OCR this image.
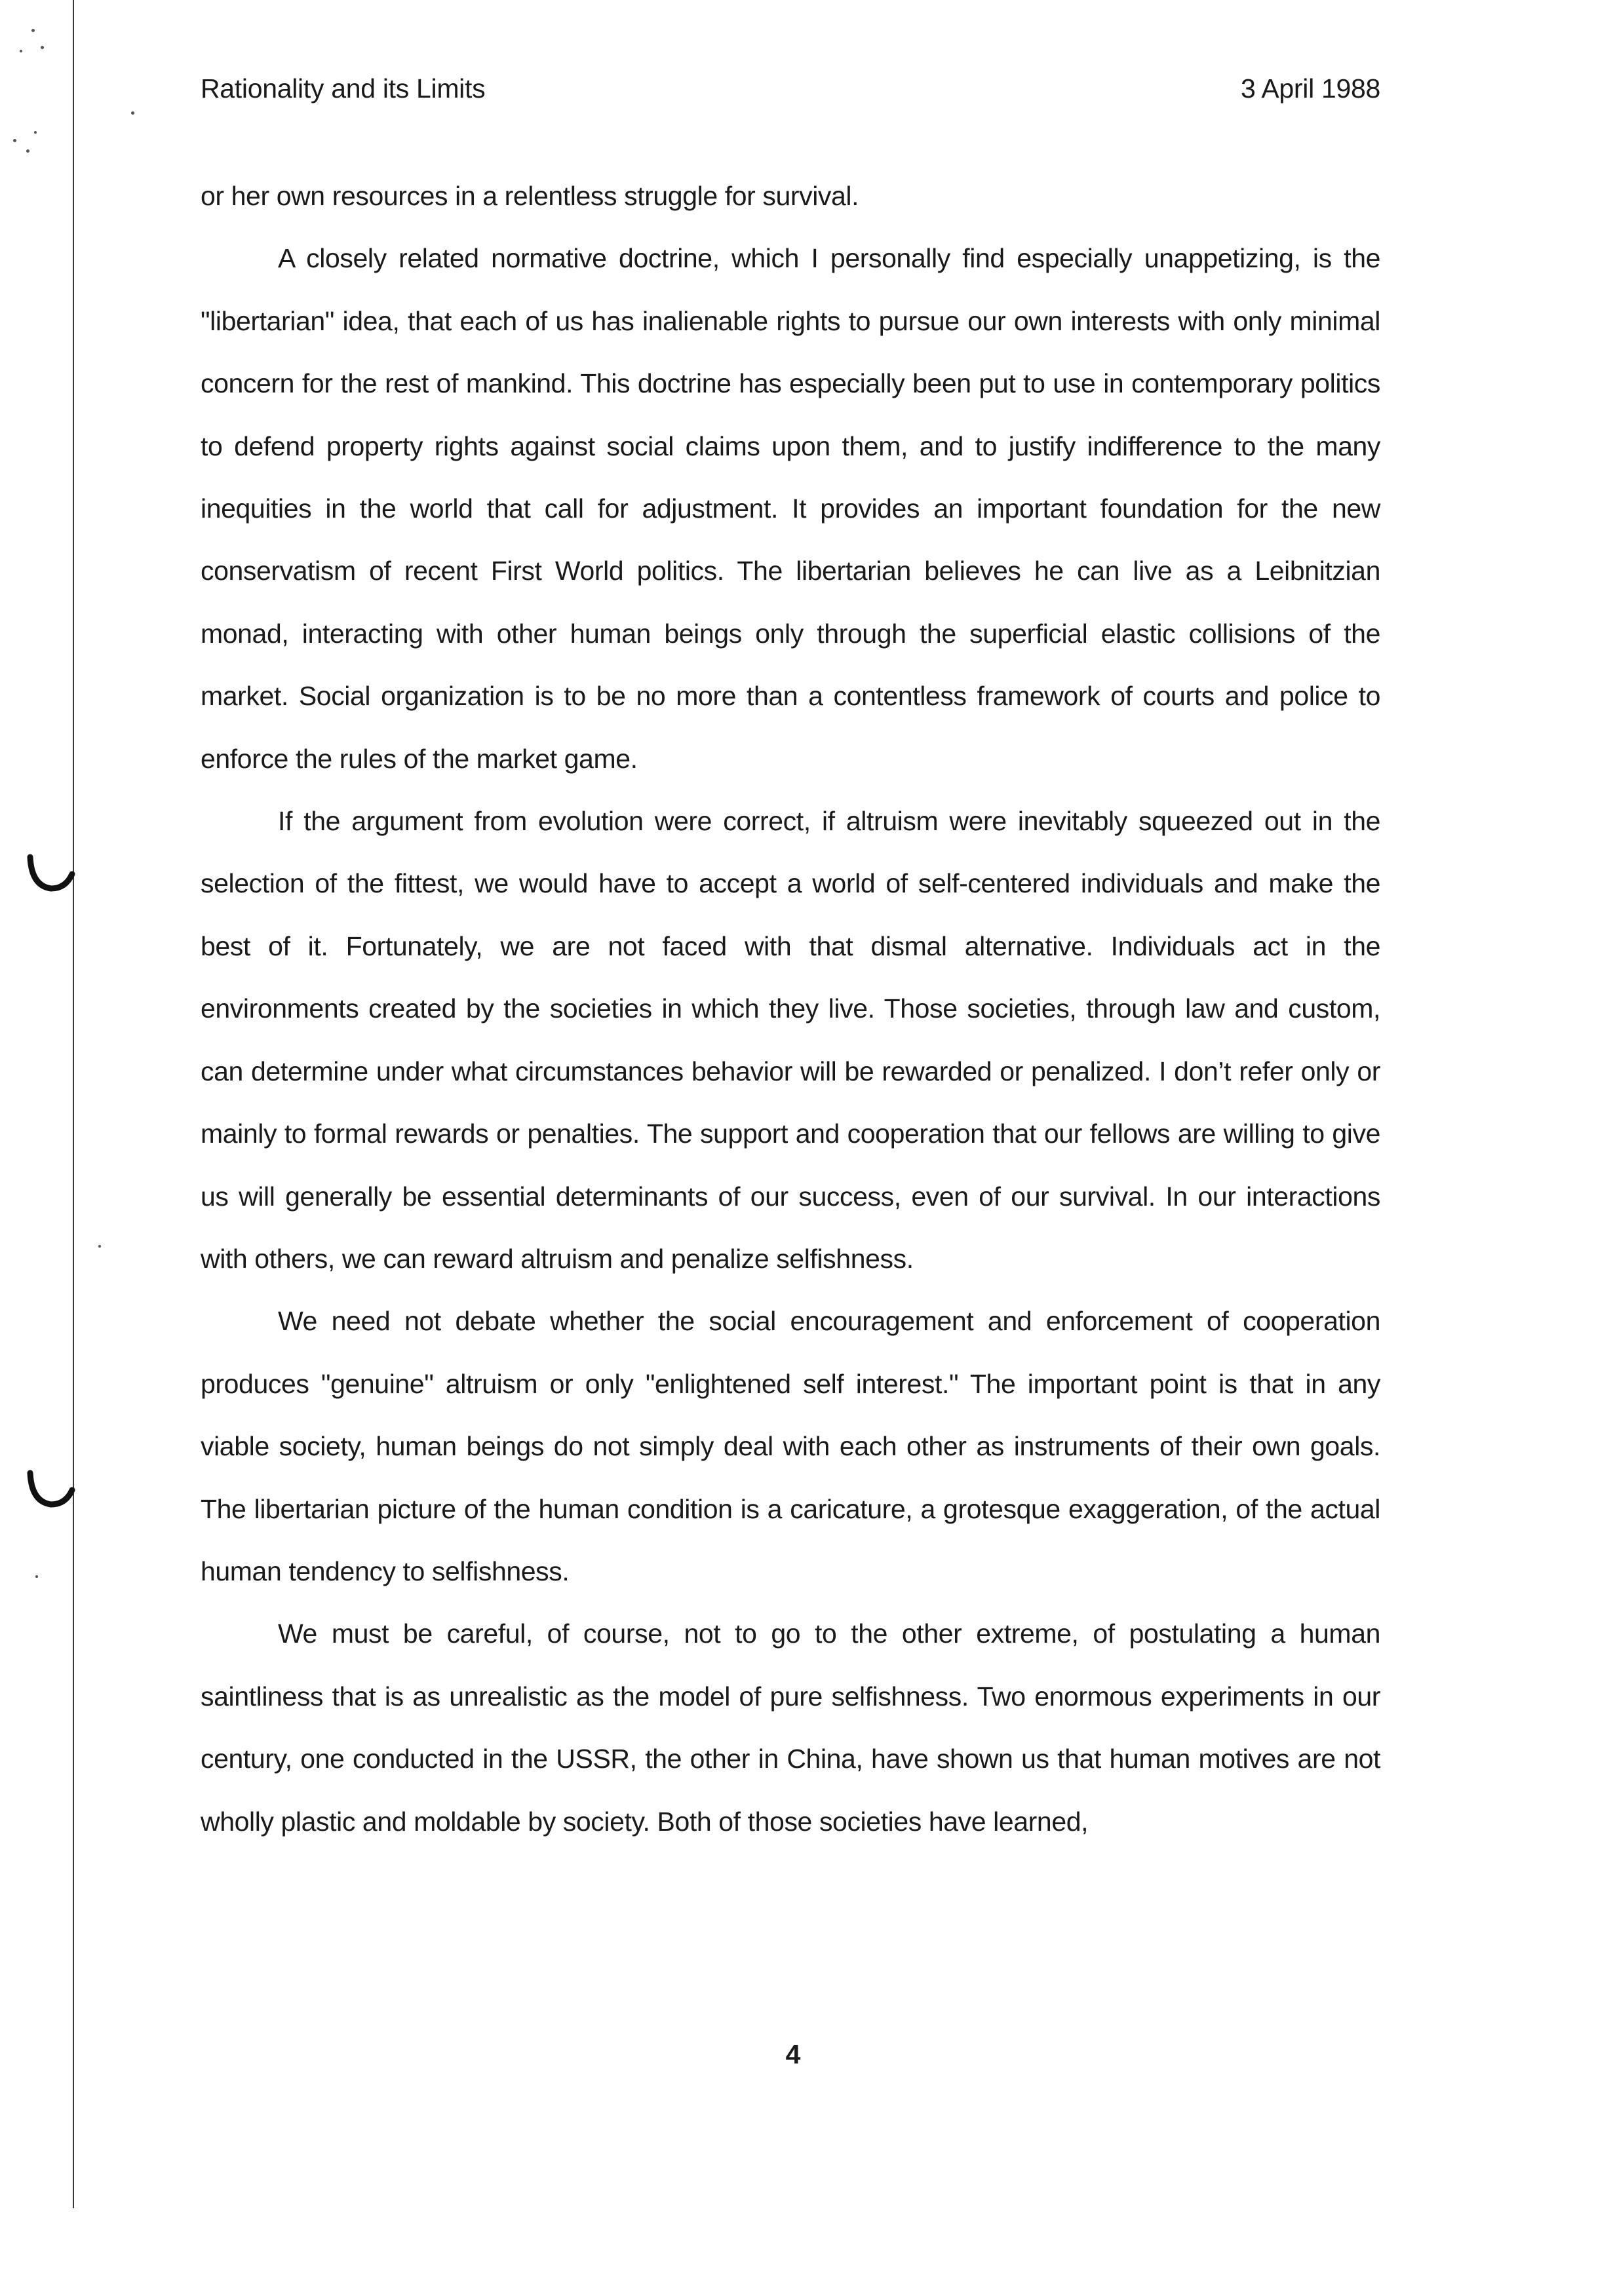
Rationality and its Limits	3 April 1988

or her own resources in a relentless struggle for survival.

A closely related normative doctrine, which I personally find especially unappetizing, is the "libertarian" idea, that each of us has inalienable rights to pursue our own interests with only minimal concern for the rest of mankind. This doctrine has especially been put to use in contemporary politics to defend property rights against social claims upon them, and to justify indifference to the many inequities in the world that call for adjustment. It provides an important foundation for the new conservatism of recent First World politics. The libertarian believes he can live as a Leibnitzian monad, interacting with other human beings only through the superficial elastic collisions of the market. Social organization is to be no more than a contentless framework of courts and police to enforce the rules of the market game.

If the argument from evolution were correct, if altruism were inevitably squeezed out in the selection of the fittest, we would have to accept a world of self-centered individuals and make the best of it. Fortunately, we are not faced with that dismal alternative. Individuals act in the environments created by the societies in which they live. Those societies, through law and custom, can determine under what circumstances behavior will be rewarded or penalized. I don’t refer only or mainly to formal rewards or penalties. The support and cooperation that our fellows are willing to give us will generally be essential determinants of our success, even of our survival. In our interactions with others, we can reward altruism and penalize selfishness.

We need not debate whether the social encouragement and enforcement of cooperation produces "genuine" altruism or only "enlightened self interest." The important point is that in any viable society, human beings do not simply deal with each other as instruments of their own goals. The libertarian picture of the human condition is a caricature, a grotesque exaggeration, of the actual human tendency to selfishness.

We must be careful, of course, not to go to the other extreme, of postulating a human saintliness that is as unrealistic as the model of pure selfishness. Two enormous experiments in our century, one conducted in the USSR, the other in China, have shown us that human motives are not wholly plastic and moldable by society. Both of those societies have learned,

4
